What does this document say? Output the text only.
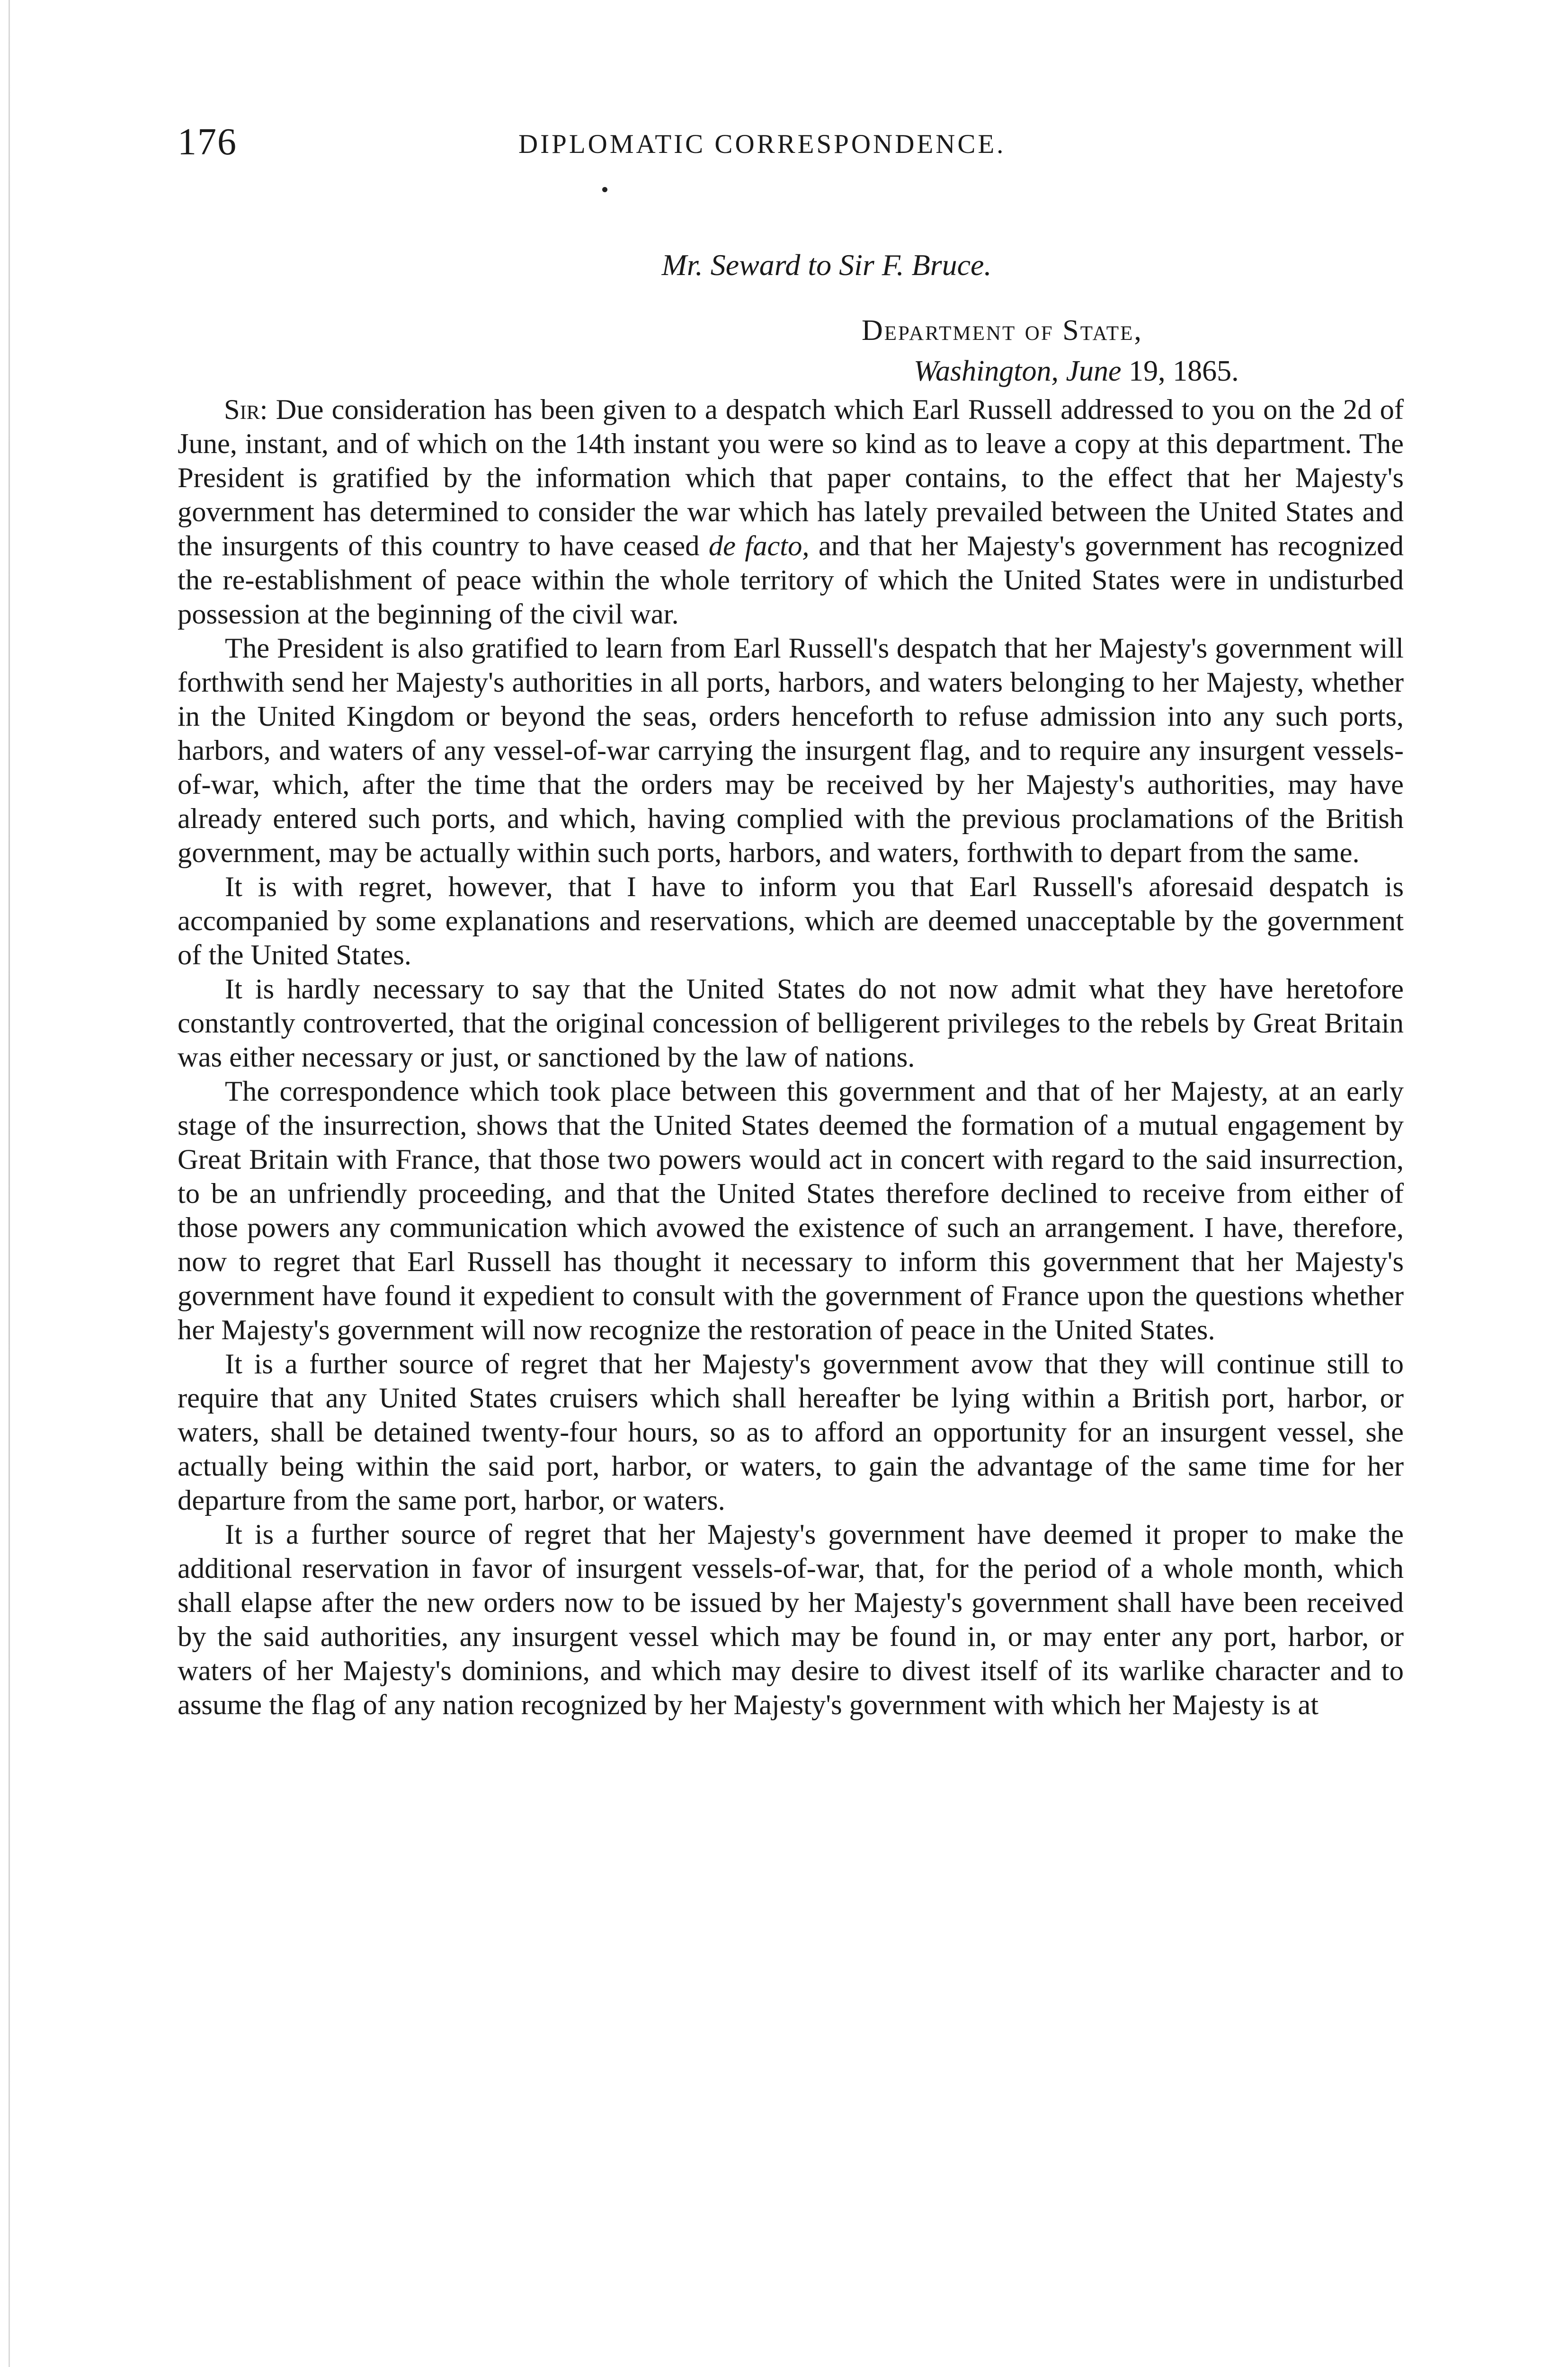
176	DIPLOMATIC CORRESPONDENCE.
Mr. Seward to Sir F. Bruce.
Department of State,
Washington, June 19, 1865.

Sir: Due consideration has been given to a despatch which Earl Russell addressed to you on the 2d of June, instant, and of which on the 14th instant you were so kind as to leave a copy at this department. The President is gratified by the information which that paper contains, to the effect that her Majesty's government has determined to consider the war which has lately prevailed between the United States and the insurgents of this country to have ceased de facto, and that her Majesty's government has recognized the re-establishment of peace within the whole territory of which the United States were in undisturbed possession at the beginning of the civil war.

The President is also gratified to learn from Earl Russell's despatch that her Majesty's government will forthwith send her Majesty's authorities in all ports, harbors, and waters belonging to her Majesty, whether in the United Kingdom or beyond the seas, orders henceforth to refuse admission into any such ports, harbors, and waters of any vessel-of-war carrying the insurgent flag, and to require any insurgent vessels-of-war, which, after the time that the orders may be received by her Majesty's authorities, may have already entered such ports, and which, having complied with the previous proclamations of the British government, may be actually within such ports, harbors, and waters, forthwith to depart from the same.

It is with regret, however, that I have to inform you that Earl Russell's aforesaid despatch is accompanied by some explanations and reservations, which are deemed unacceptable by the government of the United States.

It is hardly necessary to say that the United States do not now admit what they have heretofore constantly controverted, that the original concession of belligerent privileges to the rebels by Great Britain was either necessary or just, or sanctioned by the law of nations.

The correspondence which took place between this government and that of her Majesty, at an early stage of the insurrection, shows that the United States deemed the formation of a mutual engagement by Great Britain with France, that those two powers would act in concert with regard to the said insurrection, to be an unfriendly proceeding, and that the United States therefore declined to receive from either of those powers any communication which avowed the existence of such an arrangement. I have, therefore, now to regret that Earl Russell has thought it necessary to inform this government that her Majesty's government have found it expedient to consult with the government of France upon the questions whether her Majesty's government will now recognize the restoration of peace in the United States.

It is a further source of regret that her Majesty's government avow that they will continue still to require that any United States cruisers which shall hereafter be lying within a British port, harbor, or waters, shall be detained twenty-four hours, so as to afford an opportunity for an insurgent vessel, she actually being within the said port, harbor, or waters, to gain the advantage of the same time for her departure from the same port, harbor, or waters.

It is a further source of regret that her Majesty's government have deemed it proper to make the additional reservation in favor of insurgent vessels-of-war, that, for the period of a whole month, which shall elapse after the new orders now to be issued by her Majesty's government shall have been received by the said authorities, any insurgent vessel which may be found in, or may enter any port, harbor, or waters of her Majesty's dominions, and which may desire to divest itself of its warlike character and to assume the flag of any nation recognized by her Majesty's government with which her Majesty is at
